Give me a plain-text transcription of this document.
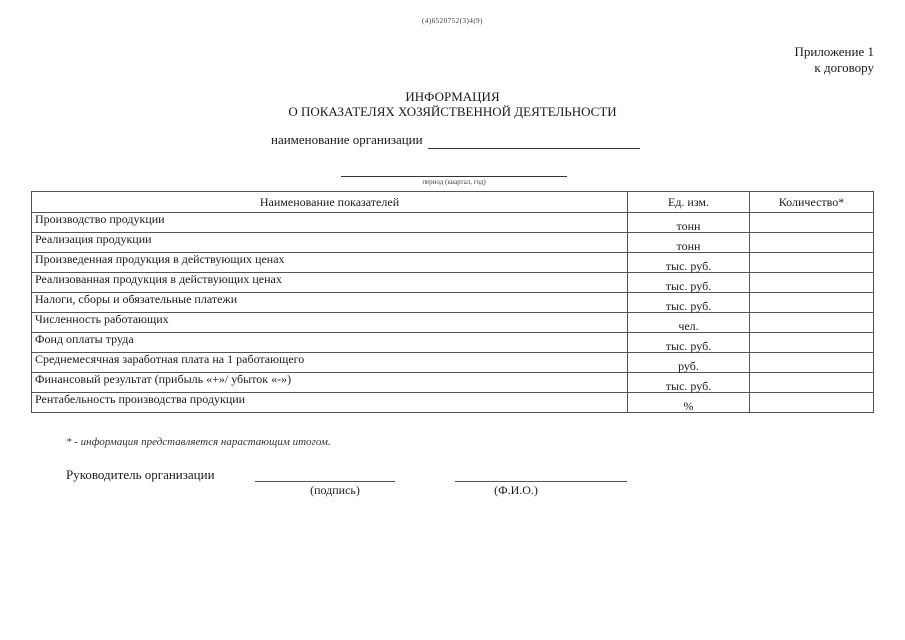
(4)6520752(3)4(9)
Приложение 1
к договору
ИНФОРМАЦИЯ
О ПОКАЗАТЕЛЯХ ХОЗЯЙСТВЕННОЙ ДЕЯТЕЛЬНОСТИ
наименование организации
период (квартал, год)
Наименование показателей	Ед. изм.	Количество*
Производство продукции	тонн	
Реализация продукции	тонн	
Произведенная продукция в действующих ценах	тыс. руб.	
Реализованная продукция в действующих ценах	тыс. руб.	
Налоги, сборы и обязательные платежи	тыс. руб.	
Численность работающих	чел.	
Фонд оплаты труда	тыс. руб.	
Среднемесячная заработная плата на 1 работающего	руб.	
Финансовый результат (прибыль «+»/ убыток «-»)	тыс. руб.	
Рентабельность производства продукции	%	
* - информация представляется нарастающим итогом.
Руководитель организации
(подпись)	(Ф.И.О.)
